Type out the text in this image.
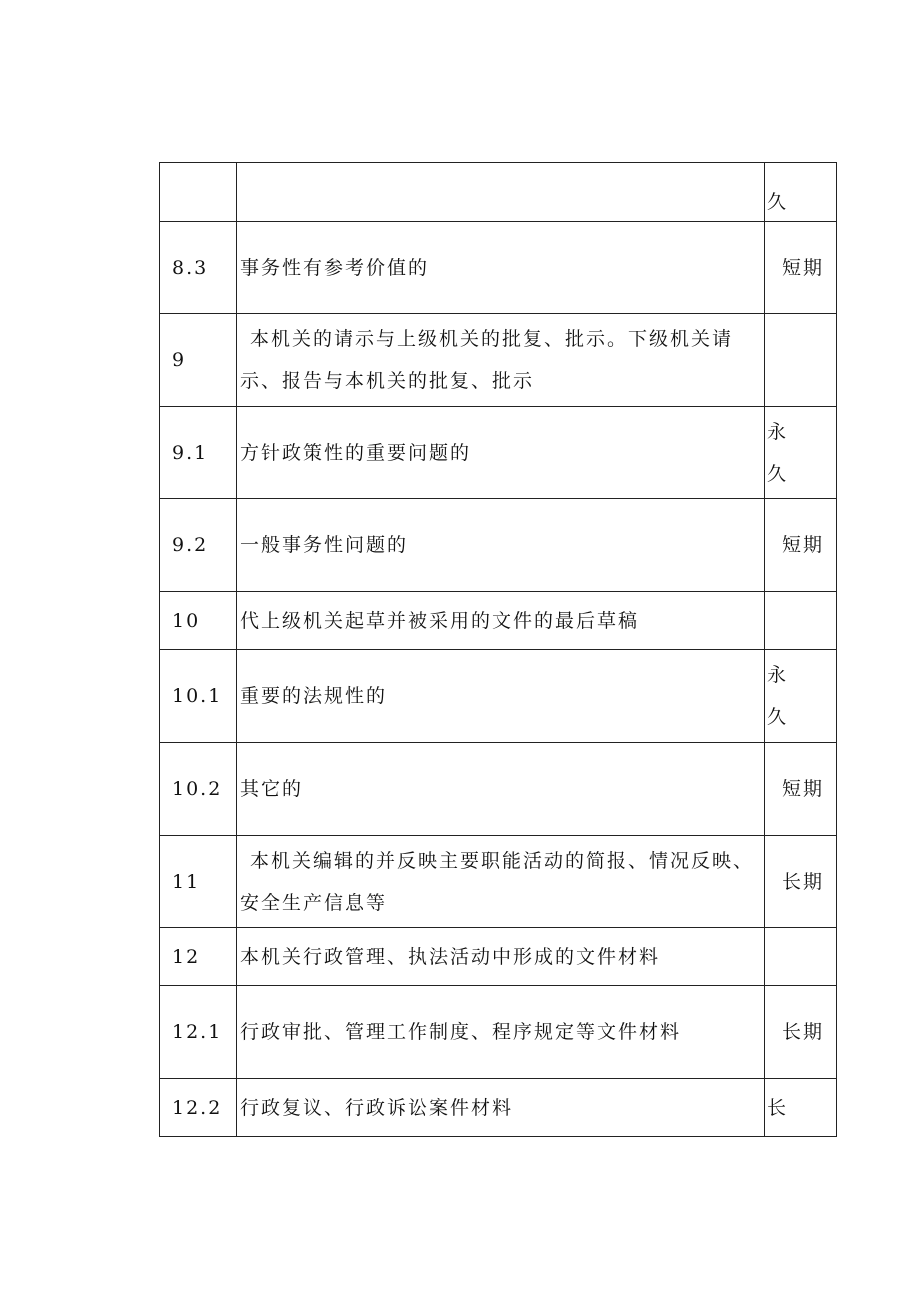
		久
8.3	事务性有参考价值的	短期
9	本机关的请示与上级机关的批复、批示。下级机关请示、报告与本机关的批复、批示	
9.1	方针政策性的重要问题的	永
久

9.2	一般事务性问题的	短期
10	代上级机关起草并被采用的文件的最后草稿	
10.1	重要的法规性的	永
久

10.2	其它的	短期
11	本机关编辑的并反映主要职能活动的简报、情况反映、安全生产信息等	长期
12	本机关行政管理、执法活动中形成的文件材料	
12.1	行政审批、管理工作制度、程序规定等文件材料	长期
12.2	行政复议、行政诉讼案件材料	长
